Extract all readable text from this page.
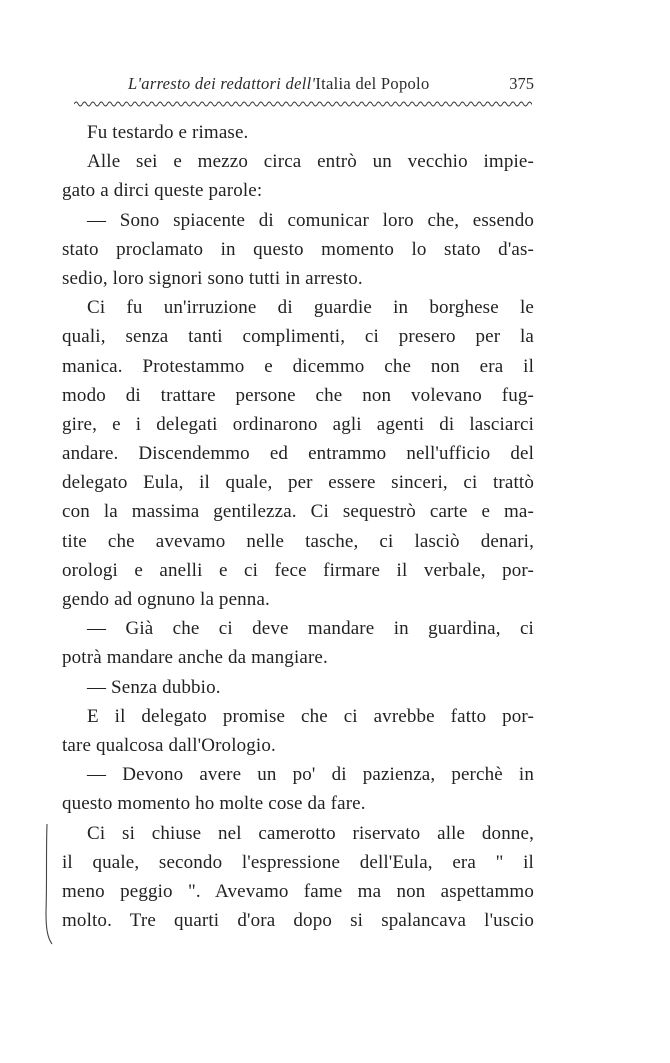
L'arresto dei redattori dell'Italia del Popolo	375
Fu testardo e rimase.
Alle sei e mezzo circa entrò un vecchio impie-
gato a dirci queste parole:
— Sono spiacente di comunicar loro che, essendo
stato proclamato in questo momento lo stato d'as-
sedio, loro signori sono tutti in arresto.
Ci fu un'irruzione di guardie in borghese le
quali, senza tanti complimenti, ci presero per la
manica. Protestammo e dicemmo che non era il
modo di trattare persone che non volevano fug-
gire, e i delegati ordinarono agli agenti di lasciarci
andare. Discendemmo ed entrammo nell'ufficio del
delegato Eula, il quale, per essere sinceri, ci trattò
con la massima gentilezza. Ci sequestrò carte e ma-
tite che avevamo nelle tasche, ci lasciò denari,
orologi e anelli e ci fece firmare il verbale, por-
gendo ad ognuno la penna.
— Già che ci deve mandare in guardina, ci
potrà mandare anche da mangiare.
— Senza dubbio.
E il delegato promise che ci avrebbe fatto por-
tare qualcosa dall'Orologio.
— Devono avere un po' di pazienza, perchè in
questo momento ho molte cose da fare.
Ci si chiuse nel camerotto riservato alle donne,
il quale, secondo l'espressione dell'Eula, era " il
meno peggio ". Avevamo fame ma non aspettammo
molto. Tre quarti d'ora dopo si spalancava l'uscio
